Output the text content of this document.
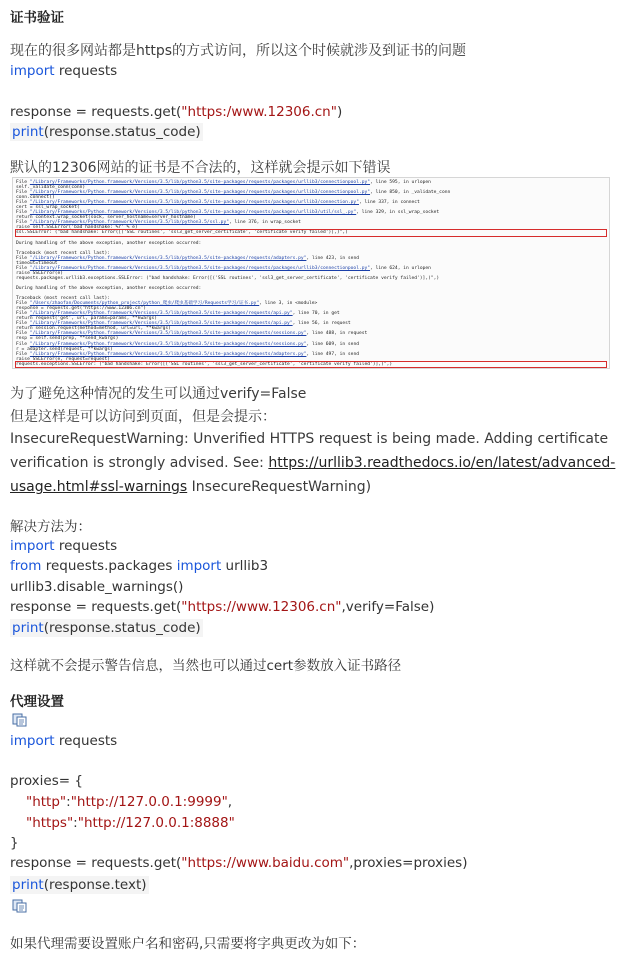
证书验证
现在的很多网站都是https的方式访问，所以这个时候就涉及到证书的问题
import requests
response = requests.get("https:/www.12306.cn")
print(response.status_code)
默认的12306网站的证书是不合法的，这样就会提示如下错误
File "/Library/Frameworks/Python.framework/Versions/3.5/lib/python3.5/site-packages/requests/packages/urllib3/connectionpool.py", line 595, in urlopen
self._validate_conn(conn)
File "/Library/Frameworks/Python.framework/Versions/3.5/lib/python3.5/site-packages/requests/packages/urllib3/connectionpool.py", line 850, in _validate_conn
conn.connect()
File "/Library/Frameworks/Python.framework/Versions/3.5/lib/python3.5/site-packages/requests/packages/urllib3/connection.py", line 337, in connect
cert = ssl_wrap_socket(
File "/Library/Frameworks/Python.framework/Versions/3.5/lib/python3.5/site-packages/requests/packages/urllib3/util/ssl_.py", line 329, in ssl_wrap_socket
return context.wrap_socket(sock, server_hostname=server_hostname)
File "/Library/Frameworks/Python.framework/Versions/3.5/lib/python3.5/ssl.py", line 376, in wrap_socket
raise self.SSLError('bad handshake: %r' % e)
ssl.SSLError: ("bad handshake: Error([('SSL routines', 'ssl3_get_server_certificate', 'certificate verify failed')],)",)

During handling of the above exception, another exception occurred:

Traceback (most recent call last):
File "/Library/Frameworks/Python.framework/Versions/3.5/lib/python3.5/site-packages/requests/adapters.py", line 423, in send
timeout=timeout
File "/Library/Frameworks/Python.framework/Versions/3.5/lib/python3.5/site-packages/requests/packages/urllib3/connectionpool.py", line 624, in urlopen
raise SSLError(e)
requests.packages.urllib3.exceptions.SSLError: ("bad handshake: Error([('SSL routines', 'ssl3_get_server_certificate', 'certificate verify failed')],)",)

During handling of the above exception, another exception occurred:

Traceback (most recent call last):
File "/Users/zhaofan/Documents/python_project/python_爬虫/爬虫基础学习/Requests学习/证书.py", line 3, in <module>
response = requests.get("https://www.12306.cn")
File "/Library/Frameworks/Python.framework/Versions/3.5/lib/python3.5/site-packages/requests/api.py", line 70, in get
return request('get', url, params=params, **kwargs)
File "/Library/Frameworks/Python.framework/Versions/3.5/lib/python3.5/site-packages/requests/api.py", line 56, in request
return session.request(method=method, url=url, **kwargs)
File "/Library/Frameworks/Python.framework/Versions/3.5/lib/python3.5/site-packages/requests/sessions.py", line 488, in request
resp = self.send(prep, **send_kwargs)
File "/Library/Frameworks/Python.framework/Versions/3.5/lib/python3.5/site-packages/requests/sessions.py", line 609, in send
r = adapter.send(request, **kwargs)
File "/Library/Frameworks/Python.framework/Versions/3.5/lib/python3.5/site-packages/requests/adapters.py", line 497, in send
raise SSLError(e, request=request)
requests.exceptions.SSLError: ("bad handshake: Error([('SSL routines', 'ssl3_get_server_certificate', 'certificate verify failed')],)",)
为了避免这种情况的发生可以通过verify=False
但是这样是可以访问到页面，但是会提示：
InsecureRequestWarning: Unverified HTTPS request is being made. Adding certificate
verification is strongly advised. See: https://urllib3.readthedocs.io/en/latest/advanced-
usage.html#ssl-warnings InsecureRequestWarning)
解决方法为：
import requests
from requests.packages import urllib3
urllib3.disable_warnings()
response = requests.get("https://www.12306.cn",verify=False)
print(response.status_code)
这样就不会提示警告信息，当然也可以通过cert参数放入证书路径
代理设置
import requests
proxies= {
"http":"http://127.0.0.1:9999",
"https":"http://127.0.0.1:8888"
}
response = requests.get("https://www.baidu.com",proxies=proxies)
print(response.text)
如果代理需要设置账户名和密码,只需要将字典更改为如下：
